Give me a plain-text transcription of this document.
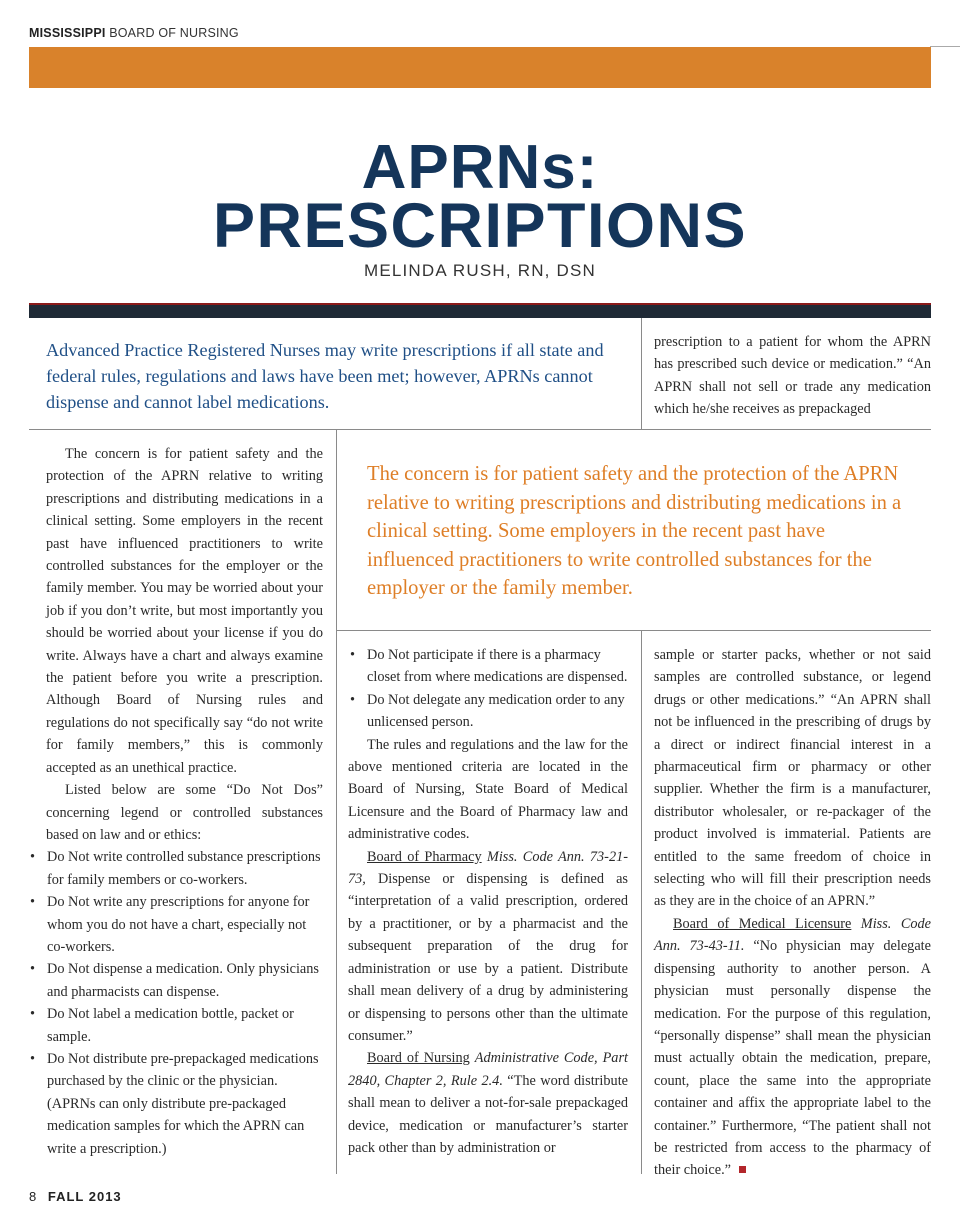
MISSISSIPPI BOARD OF NURSING
APRNs:
PRESCRIPTIONS
MELINDA RUSH, RN, DSN
Advanced Practice Registered Nurses may write prescriptions if all state and federal rules, regulations and laws have been met; however, APRNs cannot dispense and cannot label medications.

prescription to a patient for whom the APRN has prescribed such device or medication.” “An APRN shall not sell or trade any medication which he/she receives as prepackaged

The concern is for patient safety and the protection of the APRN relative to writing prescriptions and distributing medications in a clinical setting. Some employers in the recent past have influenced practitioners to write controlled substances for the employer or the family member.

The concern is for patient safety and the protection of the APRN relative to writing prescriptions and distributing medications in a clinical setting. Some employers in the recent past have influenced practitioners to write controlled substances for the employer or the family member. You may be worried about your job if you don’t write, but most importantly you should be worried about your license if you do write. Always have a chart and always examine the patient before you write a prescription. Although Board of Nursing rules and regulations do not specifically say “do not write for family members,” this is commonly accepted as an unethical practice.

Listed below are some “Do Not Dos” concerning legend or controlled substances based on law and or ethics:

• Do Not write controlled substance prescriptions for family members or co-workers.
• Do Not write any prescriptions for anyone for whom you do not have a chart, especially not co-workers.
• Do Not dispense a medication. Only physicians and pharmacists can dispense.
• Do Not label a medication bottle, packet or sample.
• Do Not distribute pre-prepackaged medications purchased by the clinic or the physician.
(APRNs can only distribute pre-packaged medication samples for which the APRN can write a prescription.)
• Do Not participate if there is a pharmacy closet from where medications are dispensed.
• Do Not delegate any medication order to any unlicensed person.

The rules and regulations and the law for the above mentioned criteria are located in the Board of Nursing, State Board of Medical Licensure and the Board of Pharmacy law and administrative codes.

Board of Pharmacy Miss. Code Ann. 73-21-73, Dispense or dispensing is defined as “interpretation of a valid prescription, ordered by a practitioner, or by a pharmacist and the subsequent preparation of the drug for administration or use by a patient. Distribute shall mean delivery of a drug by administering or dispensing to persons other than the ultimate consumer.”

Board of Nursing Administrative Code, Part 2840, Chapter 2, Rule 2.4. “The word distribute shall mean to deliver a not-for-sale prepackaged device, medication or manufacturer’s starter pack other than by administration or

sample or starter packs, whether or not said samples are controlled substance, or legend drugs or other medications.” “An APRN shall not be influenced in the prescribing of drugs by a direct or indirect financial interest in a pharmaceutical firm or pharmacy or other supplier. Whether the firm is a manufacturer, distributor wholesaler, or re-packager of the product involved is immaterial. Patients are entitled to the same freedom of choice in selecting who will fill their prescription needs as they are in the choice of an APRN.”

Board of Medical Licensure Miss. Code Ann. 73-43-11. “No physician may delegate dispensing authority to another person. A physician must personally dispense the medication. For the purpose of this regulation, “personally dispense” shall mean the physician must actually obtain the medication, prepare, count, place the same into the appropriate container and affix the appropriate label to the container.” Furthermore, “The patient shall not be restricted from access to the pharmacy of their choice.”

8 FALL 2013
